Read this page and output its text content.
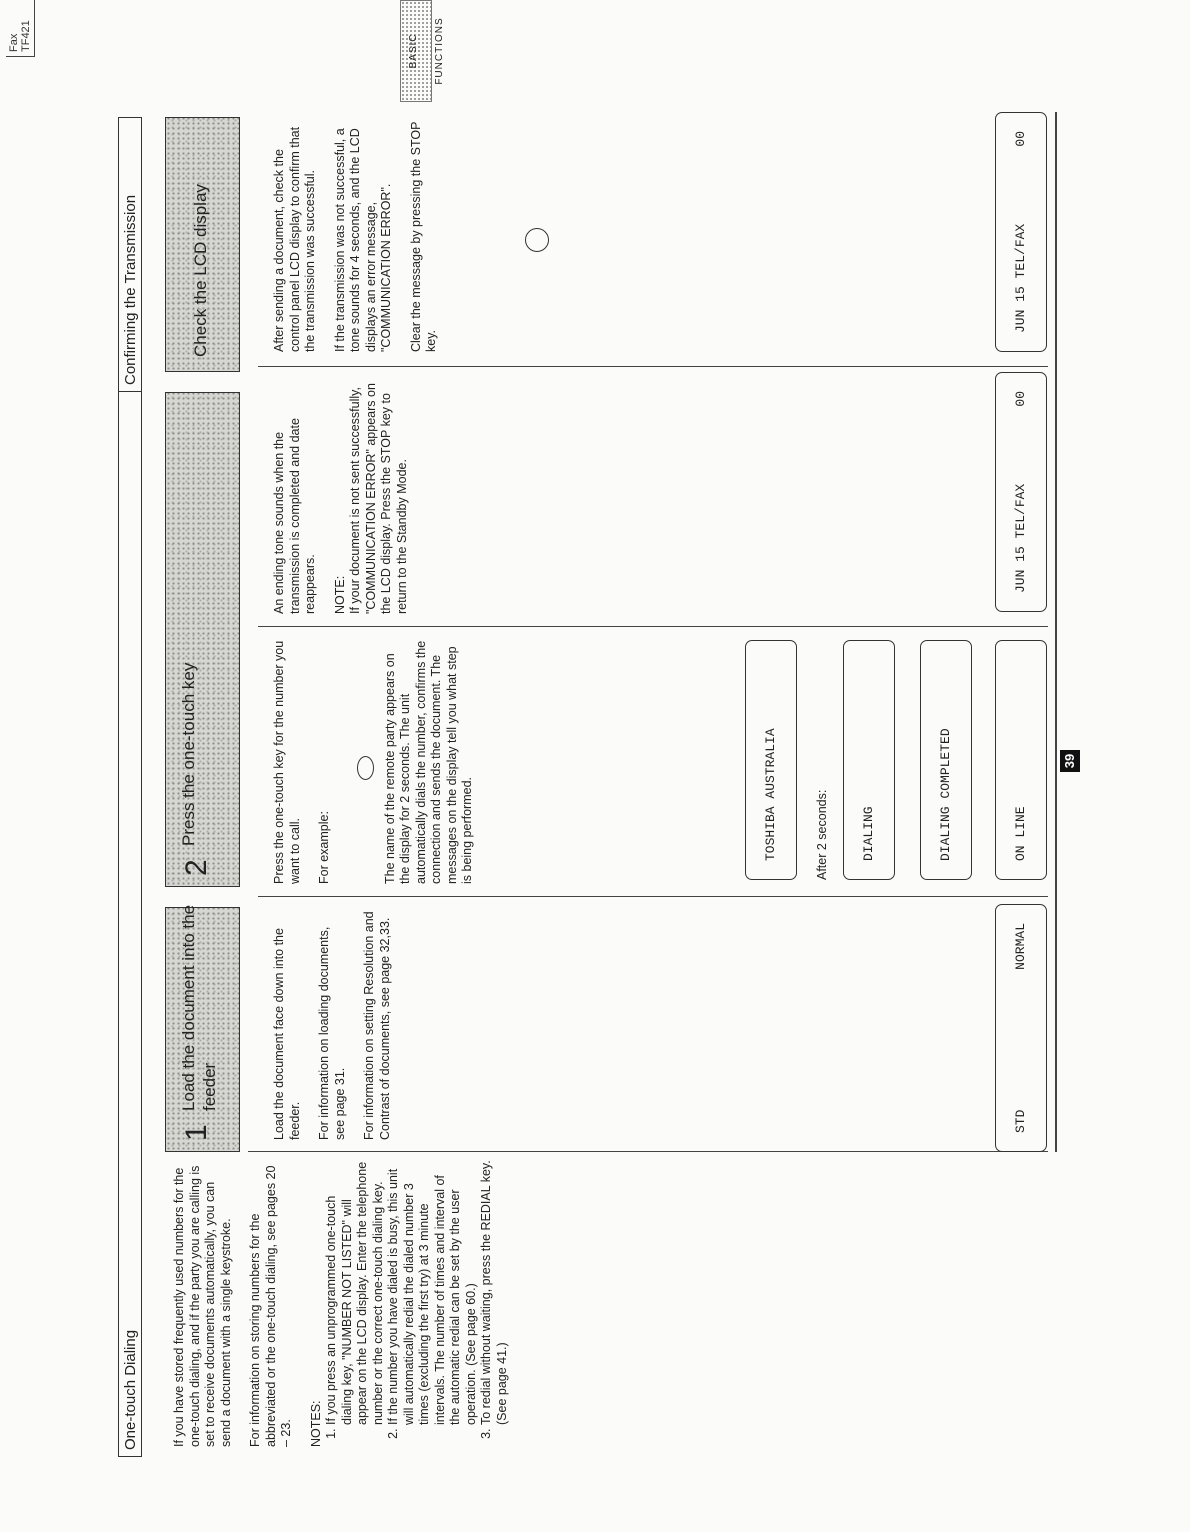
Fax TF421	BASIC FUNCTIONS
One-touch Dialing
Confirming the Transmission

If you have stored frequently used numbers for the one-touch dialing, and if the party you are calling is set to receive documents automatically, you can send a document with a single keystroke. For information on storing numbers for the abbreviated or the one-touch dialing, see pages 20 – 23. NOTES: 1. If you press an unprogrammed one-touch dialing key, "NUMBER NOT LISTED" will appear on the LCD display. Enter the telephone number or the correct one-touch dialing key. 2. If the number you have dialed is busy, this unit will automatically redial the dialed number 3 times (excluding the first try) at 3 minute intervals. The number of times and interval of the automatic redial can be set by the user operation. (See page 60.) 3. To redial without waiting, press the REDIAL key. (See page 41.)
1
Load the document into the feeder
2
Press the one-touch key
Check the LCD display

Load the document face down into the feeder. For information on loading documents, see page 31. For information on setting Resolution and Contrast of documents, see page 32,33.

Press the one-touch key for the number you want to call. For example:	The name of the remote party appears on the display for 2 seconds. The unit automatically dials the number, confirms the connection and sends the document. The messages on the display tell you what step is being performed.

An ending tone sounds when the transmission is completed and date reappears. NOTE: If your document is not sent successfully, "COMMUNICATION ERROR" appears on the LCD display. Press the STOP key to return to the Standby Mode.

After sending a document, check the control panel LCD display to confirm that the transmission was successful. If the transmission was not successful, a tone sounds for 4 seconds, and the LCD displays an error message, "COMMUNICATION ERROR". Clear the message by pressing the STOP key.

STD
NORMAL
TOSHIBA AUSTRALIA	After 2 seconds:	DIALING	DIALING COMPLETED	ON LINE
JUN 15 TEL/FAX
00
JUN 15 TEL/FAX
00
39
